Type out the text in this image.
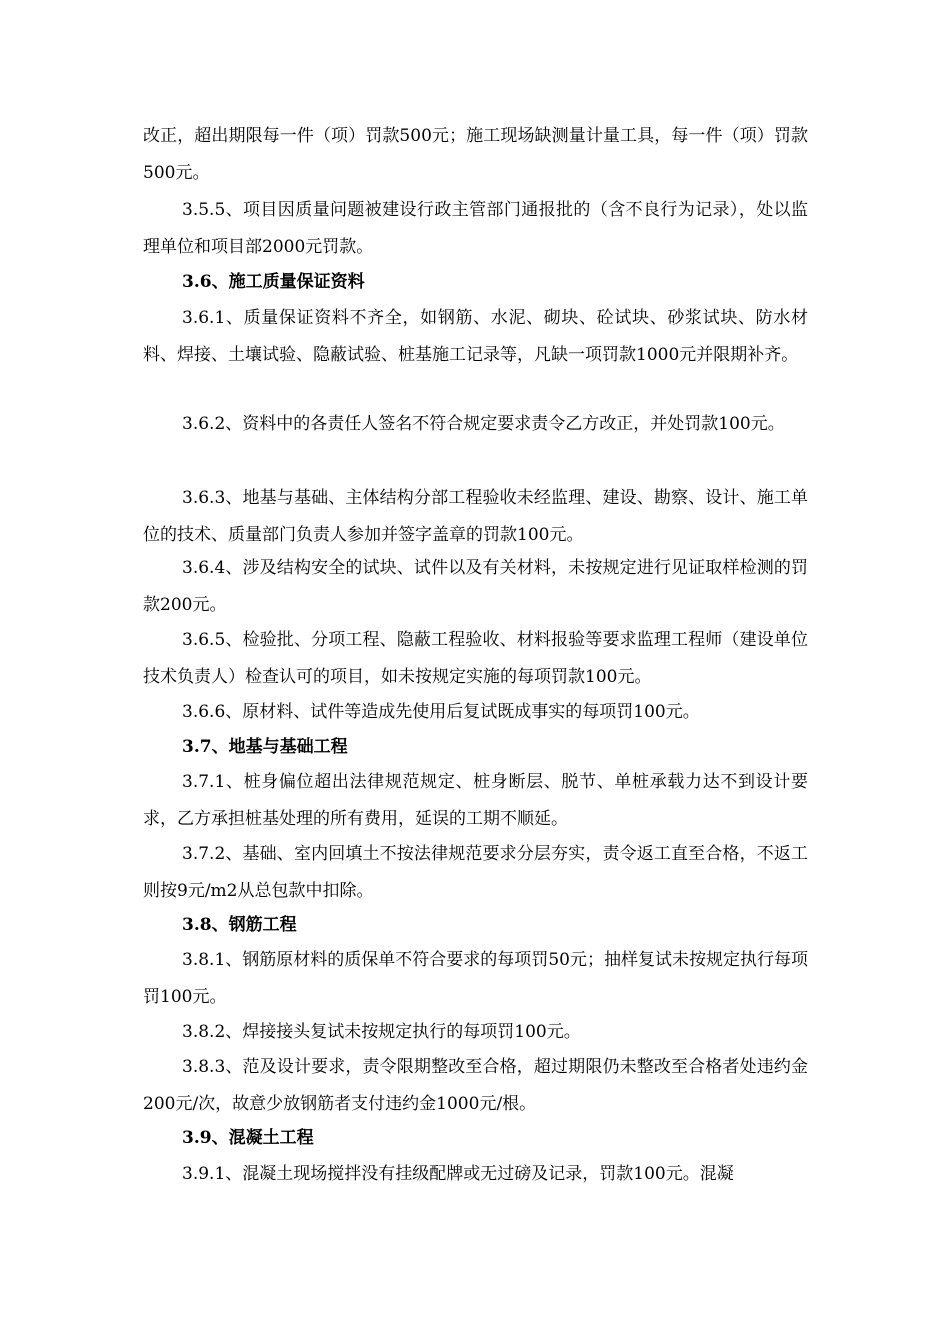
改正，超出期限每一件（项）罚款500元；施工现场缺测量计量工具，每一件（项）罚款500元。

3.5.5、项目因质量问题被建设行政主管部门通报批的（含不良行为记录），处以监理单位和项目部2000元罚款。

3.6、施工质量保证资料

3.6.1、质量保证资料不齐全，如钢筋、水泥、砌块、砼试块、砂浆试块、防水材料、焊接、土壤试验、隐蔽试验、桩基施工记录等，凡缺一项罚款1000元并限期补齐。

3.6.2、资料中的各责任人签名不符合规定要求责令乙方改正，并处罚款100元。

3.6.3、地基与基础、主体结构分部工程验收未经监理、建设、勘察、设计、施工单位的技术、质量部门负责人参加并签字盖章的罚款100元。

3.6.4、涉及结构安全的试块、试件以及有关材料，未按规定进行见证取样检测的罚款200元。

3.6.5、检验批、分项工程、隐蔽工程验收、材料报验等要求监理工程师（建设单位技术负责人）检查认可的项目，如未按规定实施的每项罚款100元。

3.6.6、原材料、试件等造成先使用后复试既成事实的每项罚100元。

3.7、地基与基础工程

3.7.1、桩身偏位超出法律规范规定、桩身断层、脱节、单桩承载力达不到设计要求，乙方承担桩基处理的所有费用，延误的工期不顺延。

3.7.2、基础、室内回填土不按法律规范要求分层夯实，责令返工直至合格，不返工则按9元/m2从总包款中扣除。

3.8、钢筋工程

3.8.1、钢筋原材料的质保单不符合要求的每项罚50元；抽样复试未按规定执行每项罚100元。

3.8.2、焊接接头复试未按规定执行的每项罚100元。

3.8.3、范及设计要求，责令限期整改至合格，超过期限仍未整改至合格者处违约金200元/次，故意少放钢筋者支付违约金1000元/根。

3.9、混凝土工程

3.9.1、混凝土现场搅拌没有挂级配牌或无过磅及记录，罚款100元。混凝
